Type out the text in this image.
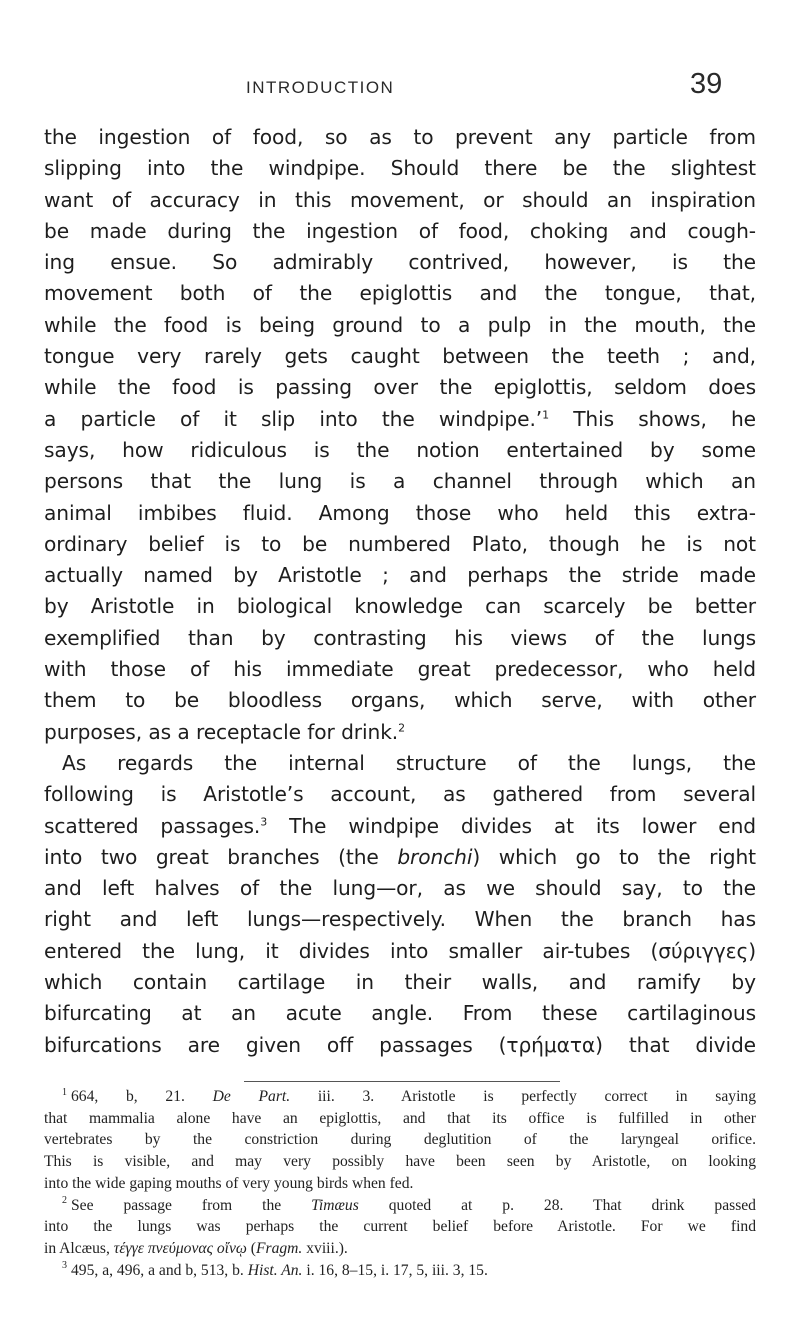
INTRODUCTION	39
the ingestion of food, so as to prevent any particle from
slipping into the windpipe. Should there be the slightest
want of accuracy in this movement, or should an inspiration
be made during the ingestion of food, choking and cough-
ing ensue. So admirably contrived, however, is the
movement both of the epiglottis and the tongue, that,
while the food is being ground to a pulp in the mouth, the
tongue very rarely gets caught between the teeth ; and,
while the food is passing over the epiglottis, seldom does
a particle of it slip into the windpipe.’$^1$ This shows, he
says, how ridiculous is the notion entertained by some
persons that the lung is a channel through which an
animal imbibes fluid. Among those who held this extra-
ordinary belief is to be numbered Plato, though he is not
actually named by Aristotle ; and perhaps the stride made
by Aristotle in biological knowledge can scarcely be better
exemplified than by contrasting his views of the lungs
with those of his immediate great predecessor, who held
them to be bloodless organs, which serve, with other
purposes, as a receptacle for drink.$^2$
As regards the internal structure of the lungs, the
following is Aristotle’s account, as gathered from several
scattered passages.$^3$ The windpipe divides at its lower end
into two great branches (the bronchi) which go to the right
and left halves of the lung—or, as we should say, to the
right and left lungs—respectively. When the branch has
entered the lung, it divides into smaller air-tubes (σύριγγες)
which contain cartilage in their walls, and ramify by
bifurcating at an acute angle. From these cartilaginous
bifurcations are given off passages (τρήματα) that divide
$^1$ 664, b, 21. De Part. iii. 3. Aristotle is perfectly correct in saying
that mammalia alone have an epiglottis, and that its office is fulfilled in other
vertebrates by the constriction during deglutition of the laryngeal orifice.
This is visible, and may very possibly have been seen by Aristotle, on looking
into the wide gaping mouths of very young birds when fed.
$^2$ See passage from the Timæus quoted at p. 28. That drink passed
into the lungs was perhaps the current belief before Aristotle. For we find
in Alcæus, τέγγε πνεύμονας οἴνῳ (Fragm. xviii.).
$^3$ 495, a, 496, a and b, 513, b. Hist. An. i. 16, 8–15, i. 17, 5, iii. 3, 15.
